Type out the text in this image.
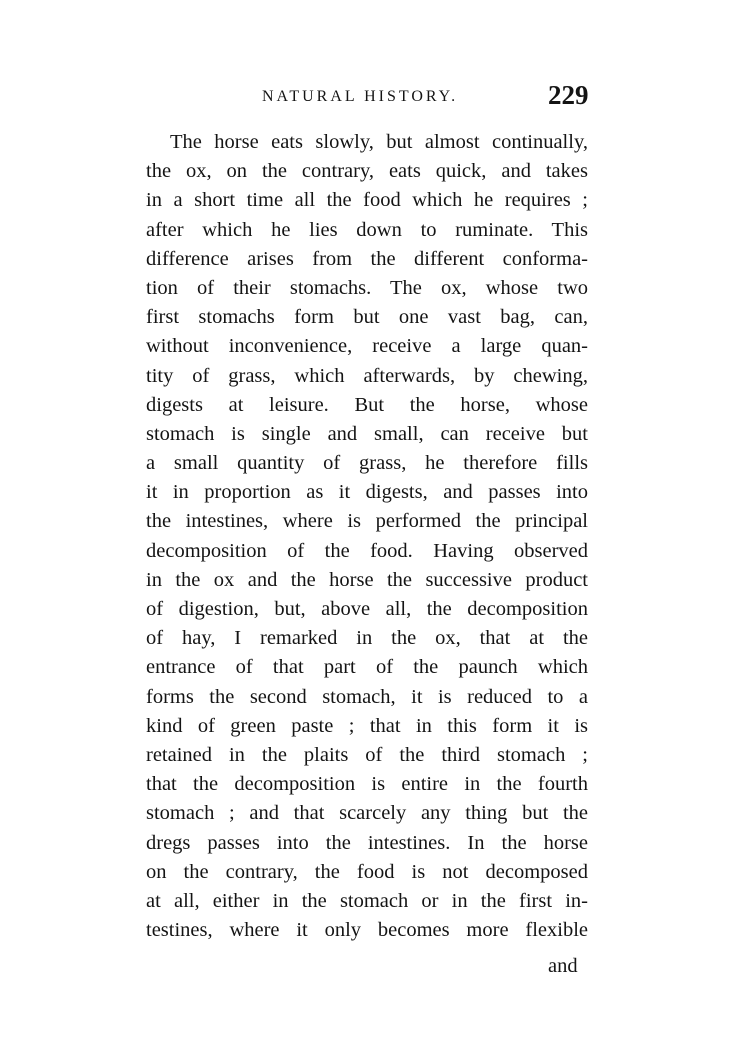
NATURAL HISTORY.	229
The horse eats slowly, but almost continually,
the ox, on the contrary, eats quick, and takes
in a short time all the food which he requires ;
after which he lies down to ruminate. This
difference arises from the different conforma-
tion of their stomachs. The ox, whose two
first stomachs form but one vast bag, can,
without inconvenience, receive a large quan-
tity of grass, which afterwards, by chewing,
digests at leisure. But the horse, whose
stomach is single and small, can receive but
a small quantity of grass, he therefore fills
it in proportion as it digests, and passes into
the intestines, where is performed the principal
decomposition of the food. Having observed
in the ox and the horse the successive product
of digestion, but, above all, the decomposition
of hay, I remarked in the ox, that at the
entrance of that part of the paunch which
forms the second stomach, it is reduced to a
kind of green paste ; that in this form it is
retained in the plaits of the third stomach ;
that the decomposition is entire in the fourth
stomach ; and that scarcely any thing but the
dregs passes into the intestines. In the horse
on the contrary, the food is not decomposed
at all, either in the stomach or in the first in-
testines, where it only becomes more flexible
and
